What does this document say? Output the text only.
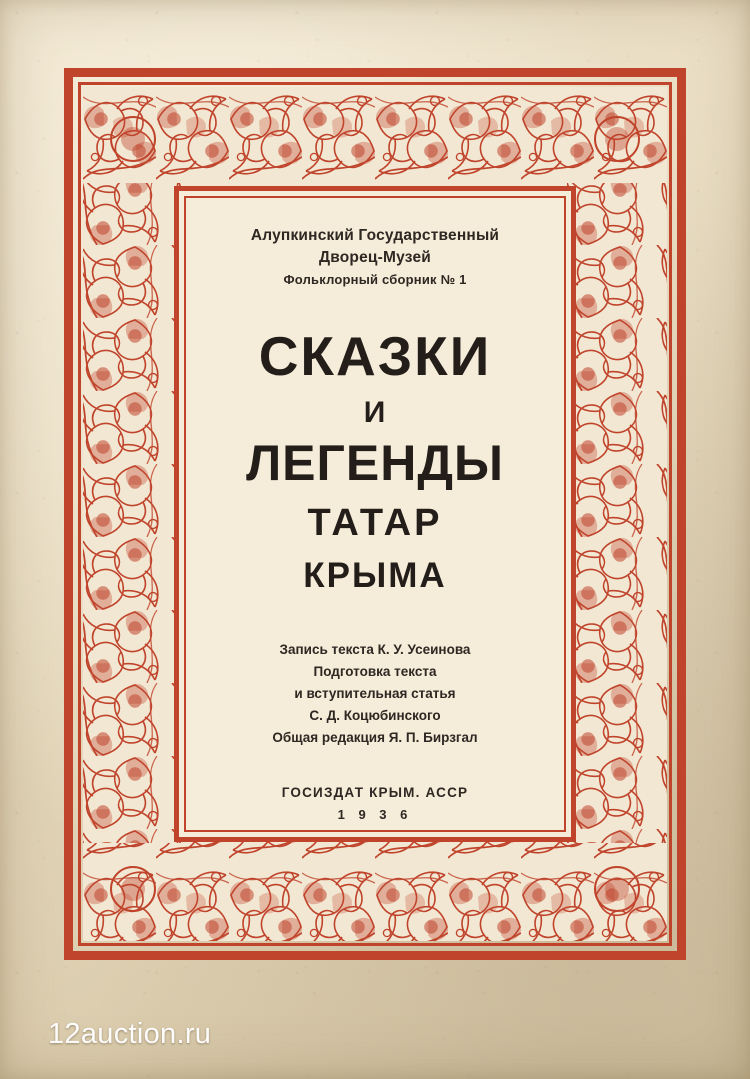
Алупкинский Государственный
Дворец-Музей
Фольклорный сборник № 1
СКАЗКИ
И
ЛЕГЕНДЫ
ТАТАР
КРЫМА
Запись текста К. У. Усеинова
Подготовка текста
и вступительная статья
С. Д. Коцюбинского
Общая редакция Я. П. Бирзгал
ГОСИЗДАТ КРЫМ. АССР
1 9 3 6
12auction.ru
